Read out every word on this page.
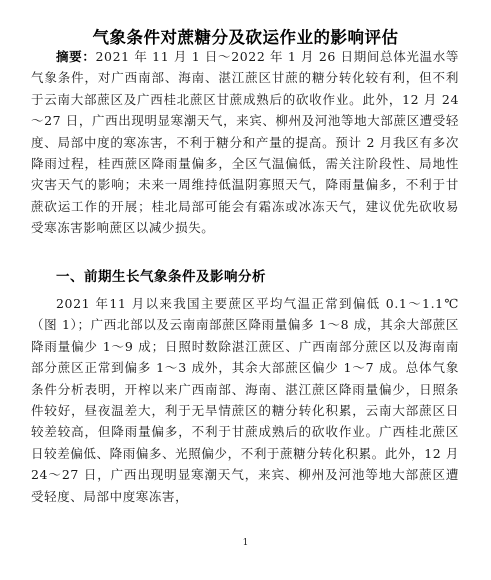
气象条件对蔗糖分及砍运作业的影响评估

摘要：2021 年 11 月 1 日～2022 年 1 月 26 日期间总体光温水等气象条件，对广西南部、海南、湛江蔗区甘蔗的糖分转化较有利，但不利于云南大部蔗区及广西桂北蔗区甘蔗成熟后的砍收作业。此外，12 月 24～27 日，广西出现明显寒潮天气，来宾、柳州及河池等地大部蔗区遭受轻度、局部中度的寒冻害，不利于糖分和产量的提高。预计 2 月我区有多次降雨过程，桂西蔗区降雨量偏多，全区气温偏低，需关注阶段性、局地性灾害天气的影响；未来一周维持低温阴寡照天气，降雨量偏多，不利于甘蔗砍运工作的开展；桂北局部可能会有霜冻或冰冻天气，建议优先砍收易受寒冻害影响蔗区以减少损失。

一、前期生长气象条件及影响分析

2021 年11 月以来我国主要蔗区平均气温正常到偏低 0.1～1.1℃（图 1）；广西北部以及云南南部蔗区降雨量偏多 1～8 成，其余大部蔗区降雨量偏少 1～9 成；日照时数除湛江蔗区、广西南部分蔗区以及海南南部分蔗区正常到偏多 1～3 成外，其余大部蔗区偏少 1～7 成。总体气象条件分析表明，开榨以来广西南部、海南、湛江蔗区降雨量偏少，日照条件较好，昼夜温差大，利于无旱情蔗区的糖分转化积累，云南大部蔗区日较差较高，但降雨量偏多，不利于甘蔗成熟后的砍收作业。广西桂北蔗区日较差偏低、降雨偏多、光照偏少，不利于蔗糖分转化积累。此外，12 月 24～27 日，广西出现明显寒潮天气，来宾、柳州及河池等地大部蔗区遭受轻度、局部中度寒冻害，

1
